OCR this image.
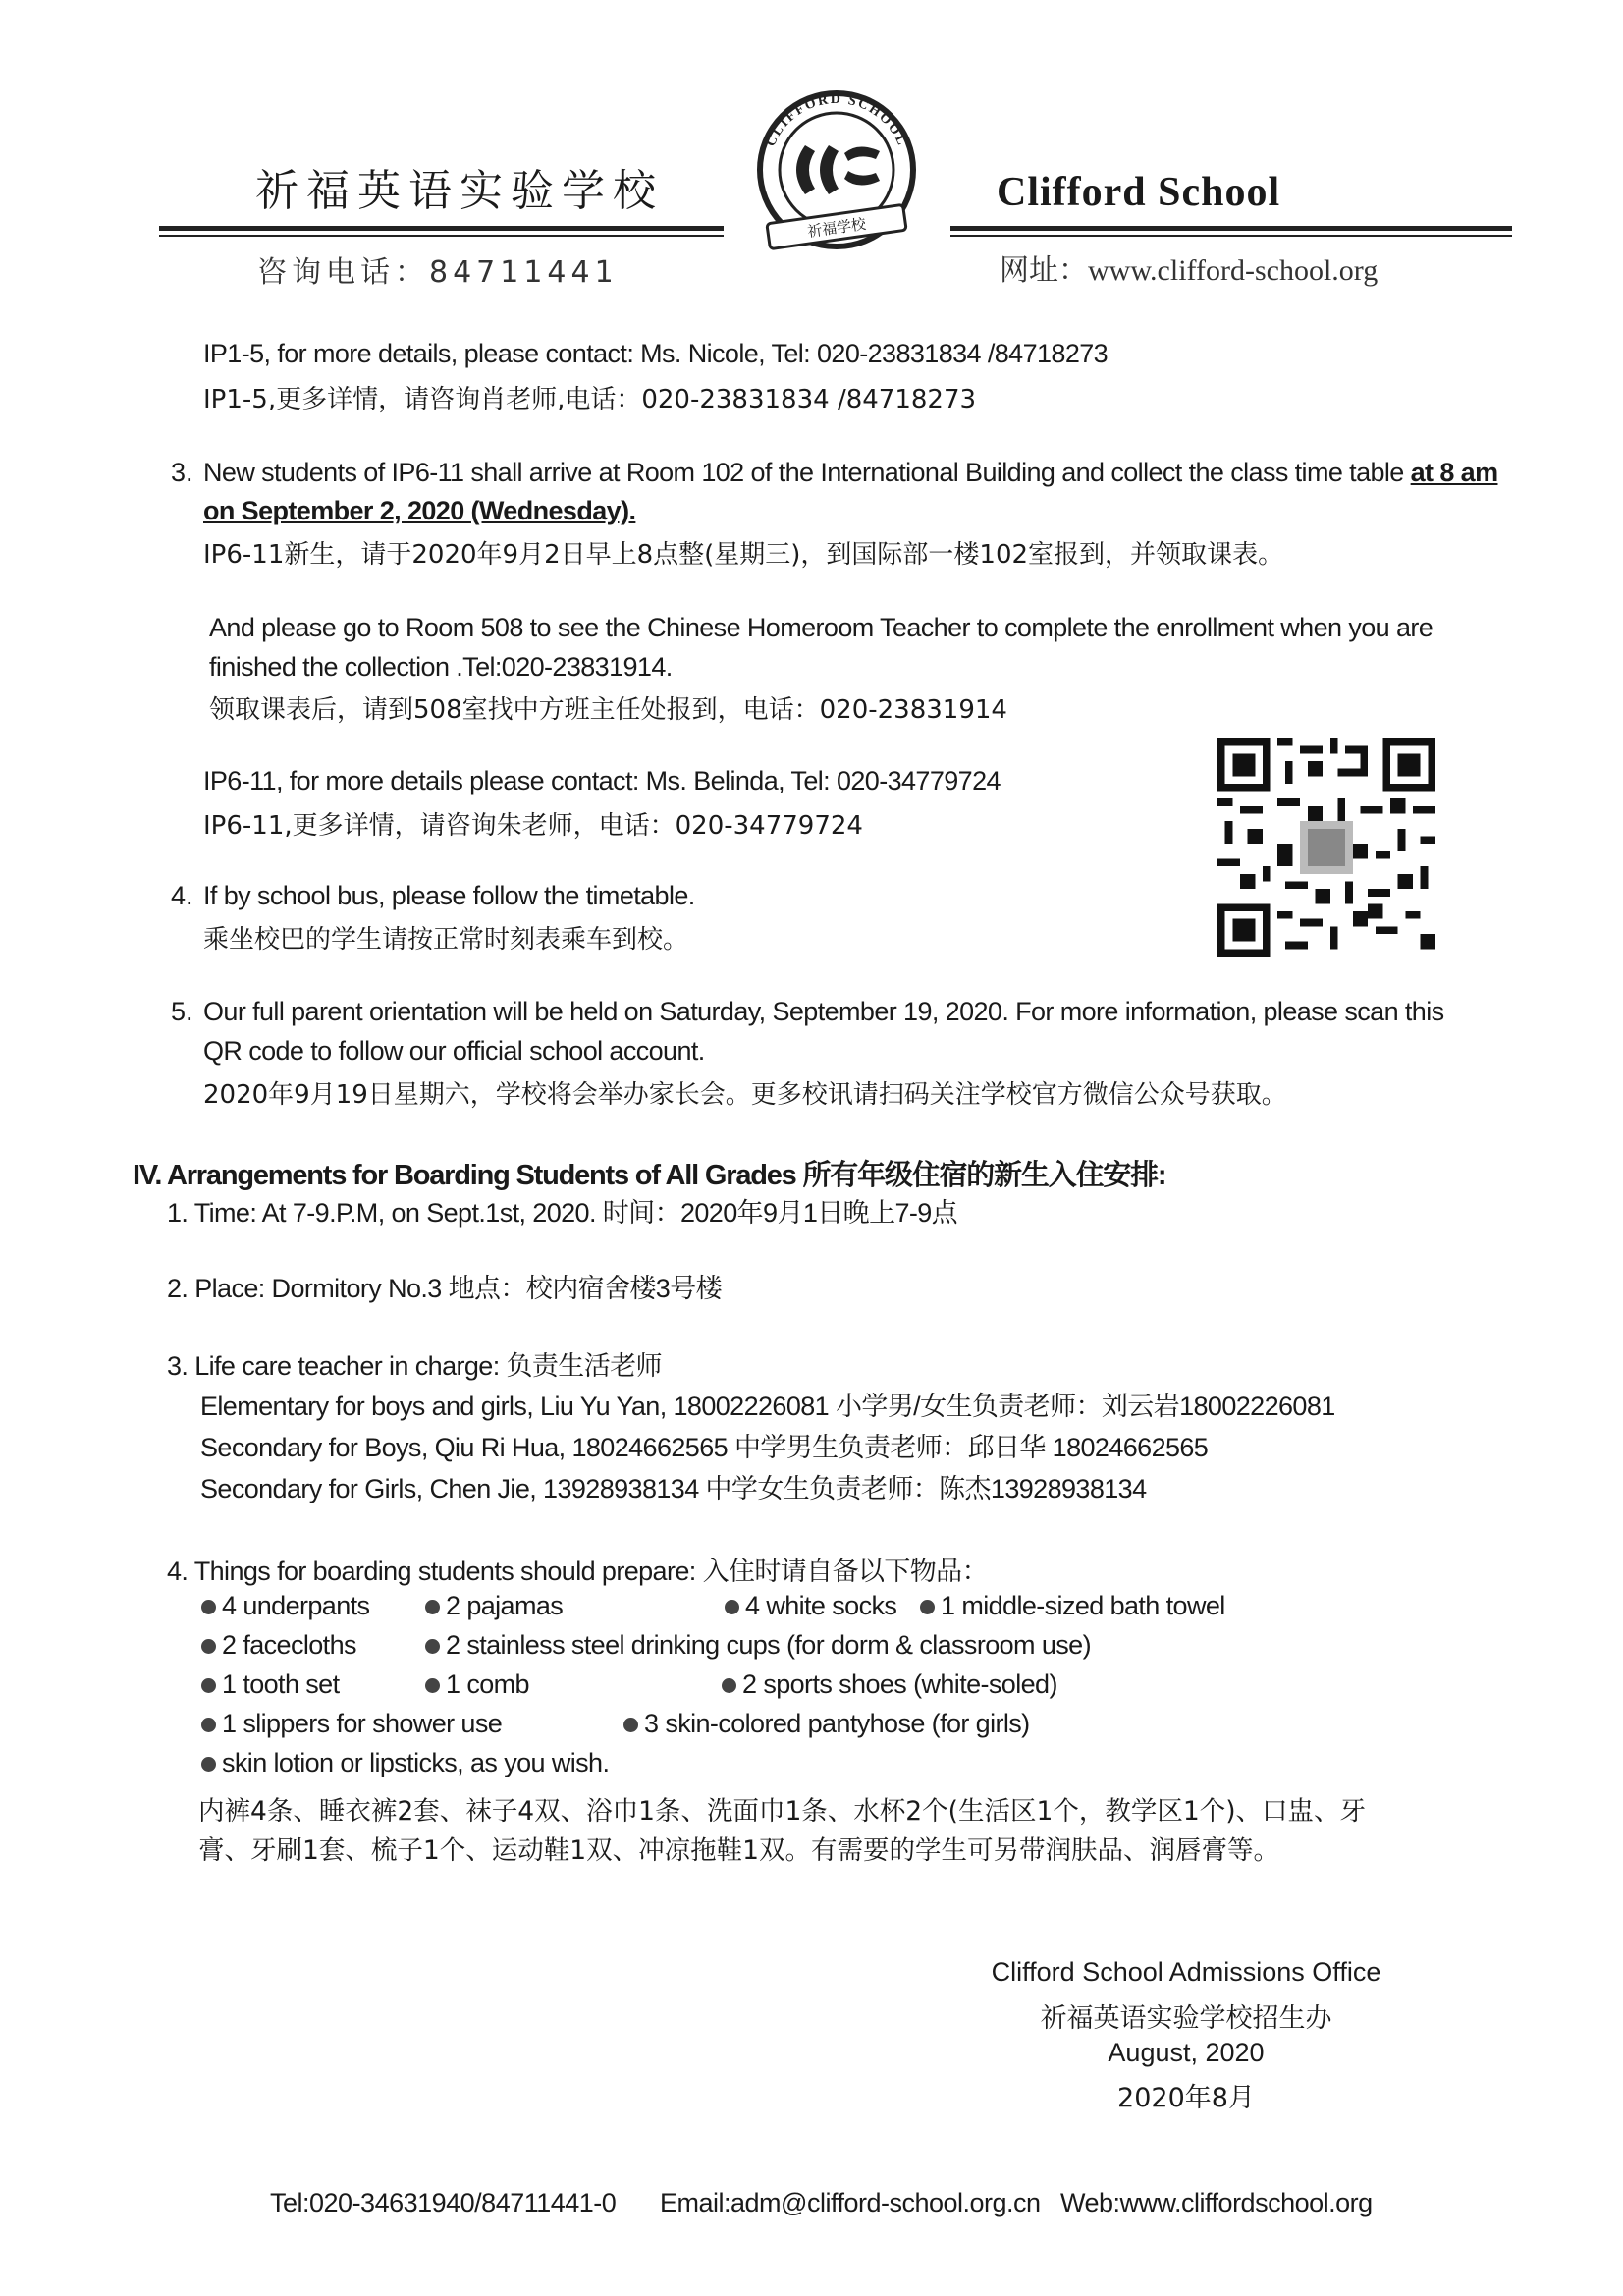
祈福英语实验学校	Clifford School
咨询电话：84711441	网址：www.clifford-school.org
CLIFFORD SCHOOL
祈福学校
IP1-5, for more details, please contact: Ms. Nicole, Tel: 020-23831834 /84718273
IP1-5,更多详情，请咨询肖老师,电话：020-23831834 /84718273
3. New students of IP6-11 shall arrive at Room 102 of the International Building and collect the class time table at 8 am
on September 2, 2020 (Wednesday).
IP6-11新生，请于2020年9月2日早上8点整(星期三)，到国际部一楼102室报到，并领取课表。
And please go to Room 508 to see the Chinese Homeroom Teacher to complete the enrollment when you are
finished the collection .Tel:020-23831914.
领取课表后，请到508室找中方班主任处报到，电话：020-23831914
IP6-11, for more details please contact: Ms. Belinda, Tel: 020-34779724
IP6-11,更多详情，请咨询朱老师，电话：020-34779724
4. If by school bus, please follow the timetable.
乘坐校巴的学生请按正常时刻表乘车到校。
5. Our full parent orientation will be held on Saturday, September 19, 2020. For more information, please scan this
QR code to follow our official school account.
2020年9月19日星期六，学校将会举办家长会。更多校讯请扫码关注学校官方微信公众号获取。
IV. Arrangements for Boarding Students of All Grades 所有年级住宿的新生入住安排:
1. Time: At 7-9.P.M, on Sept.1st, 2020. 时间：2020年9月1日晚上7-9点
2. Place: Dormitory No.3 地点：校内宿舍楼3号楼
3. Life care teacher in charge: 负责生活老师
Elementary for boys and girls, Liu Yu Yan, 18002226081 小学男/女生负责老师：刘云岩18002226081
Secondary for Boys, Qiu Ri Hua, 18024662565 中学男生负责老师：邱日华 18024662565
Secondary for Girls, Chen Jie, 13928938134 中学女生负责老师：陈杰13928938134
4. Things for boarding students should prepare: 入住时请自备以下物品：
4 underpants	2 pajamas	4 white socks	1 middle-sized bath towel
2 facecloths	2 stainless steel drinking cups (for dorm & classroom use)
1 tooth set	1 comb	2 sports shoes (white-soled)
1 slippers for shower use	3 skin-colored pantyhose (for girls)
skin lotion or lipsticks, as you wish.
内裤4条、睡衣裤2套、袜子4双、浴巾1条、洗面巾1条、水杯2个(生活区1个，教学区1个)、口盅、牙
膏、牙刷1套、梳子1个、运动鞋1双、冲凉拖鞋1双。有需要的学生可另带润肤品、润唇膏等。
Clifford School Admissions Office
祈福英语实验学校招生办
August, 2020
2020年8月
Tel:020-34631940/84711441-0 Email:adm@clifford-school.org.cn Web:www.cliffordschool.org
